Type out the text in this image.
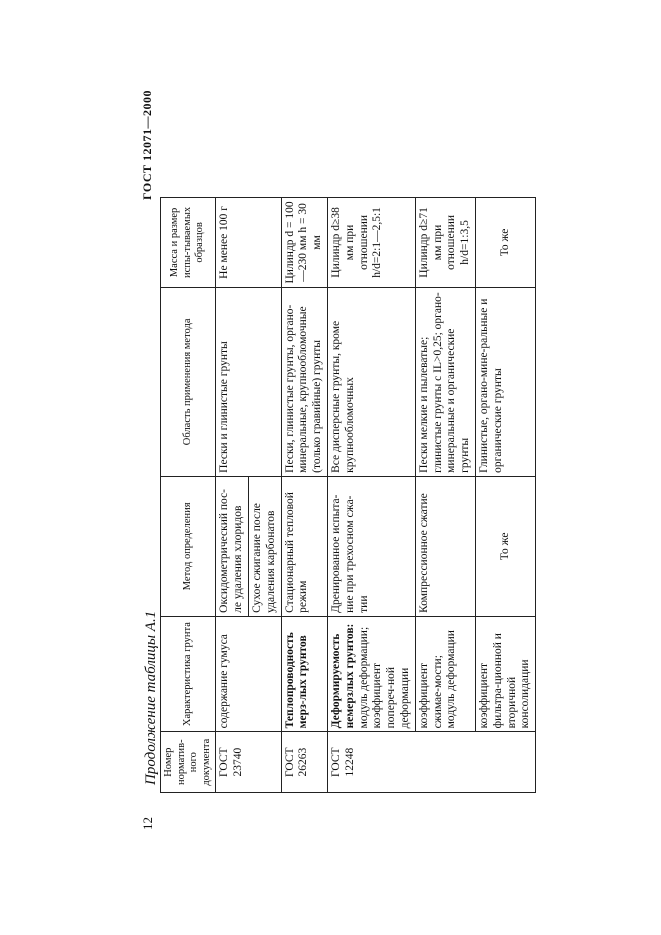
12
Продолжение таблицы А.1
ГОСТ 12071—2000
Номер норматив-ного документа	Характеристика грунта	Метод определения	Область применения метода	Масса и размер испы-тываемых образцов
ГОСТ 23740	содержание гумуса	Оксидометрический пос-ле удаления хлоридов	Пески и глинистые грунты	Не менее 100 г
		Сухое сжигание после удаления карбонатов		
ГОСТ 26263	Теплопроводность мерз-лых грунтов	Стационарный тепловой режим	Пески, глинистые грунты, органо-минеральные, крупнообломочные (только гравийные) грунты	Цилиндр d = 100—230 мм h = 30 мм
ГОСТ 12248	Деформируемость немерзлых грунтов: модуль деформации; коэффициент попереч-ной деформации	Дренированное испыта-ние при трехосном сжа-тии	Все дисперсные грунты, кроме крупнообломочных	Цилиндр d≥38 мм при отношении h/d=2:1—2,5:1
	коэффициент сжимае-мости; модуль деформации	Компрессионное сжатие	Пески мелкие и пылеватые; глинистые грунты с IL>0,25; органо-минеральные и органические грунты	Цилиндр d≥71 мм при отношении h/d=1:3,5
	коэффициент фильтра-ционной и вторичной консолидации	То же	Глинистые, органо-мине-ральные и органические грунты	То же
